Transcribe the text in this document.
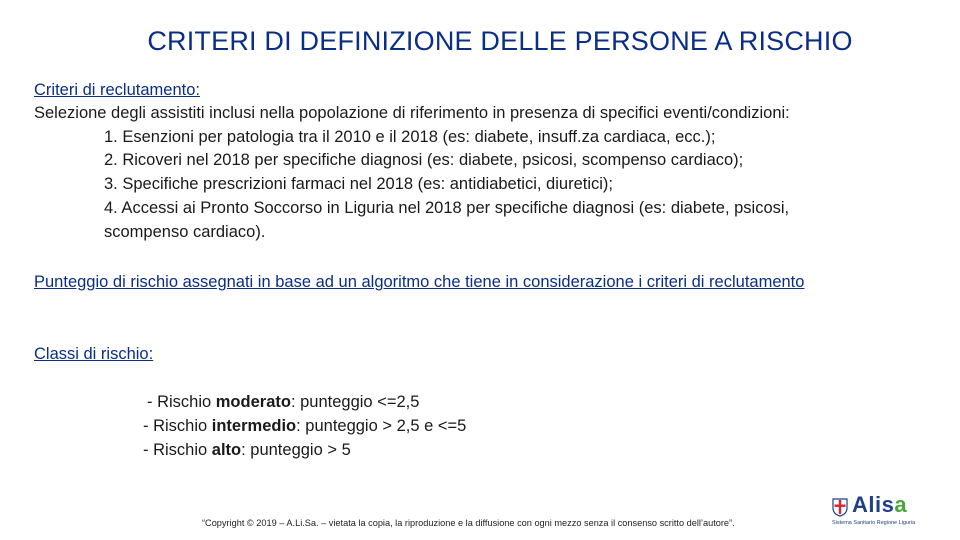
CRITERI DI DEFINIZIONE DELLE PERSONE A RISCHIO
Criteri di reclutamento:
Selezione degli assistiti inclusi nella popolazione di riferimento in presenza di specifici eventi/condizioni:
1. Esenzioni per patologia tra il 2010 e il 2018 (es: diabete, insuff.za cardiaca, ecc.);
2. Ricoveri nel 2018 per specifiche diagnosi (es: diabete, psicosi, scompenso cardiaco);
3. Specifiche prescrizioni farmaci nel 2018 (es: antidiabetici, diuretici);
4. Accessi ai Pronto Soccorso in Liguria nel 2018 per specifiche diagnosi (es: diabete, psicosi,
scompenso cardiaco).
Punteggio di rischio assegnati in base ad un algoritmo che tiene in considerazione i criteri di reclutamento
Classi di rischio:
- Rischio moderato: punteggio <=2,5
- Rischio intermedio: punteggio > 2,5 e <=5
- Rischio alto: punteggio > 5
“Copyright © 2019 – A.Li.Sa. – vietata la copia, la riproduzione e la diffusione con ogni mezzo senza il consenso scritto dell’autore”.
Alisa
Sistema Sanitario Regione Liguria
